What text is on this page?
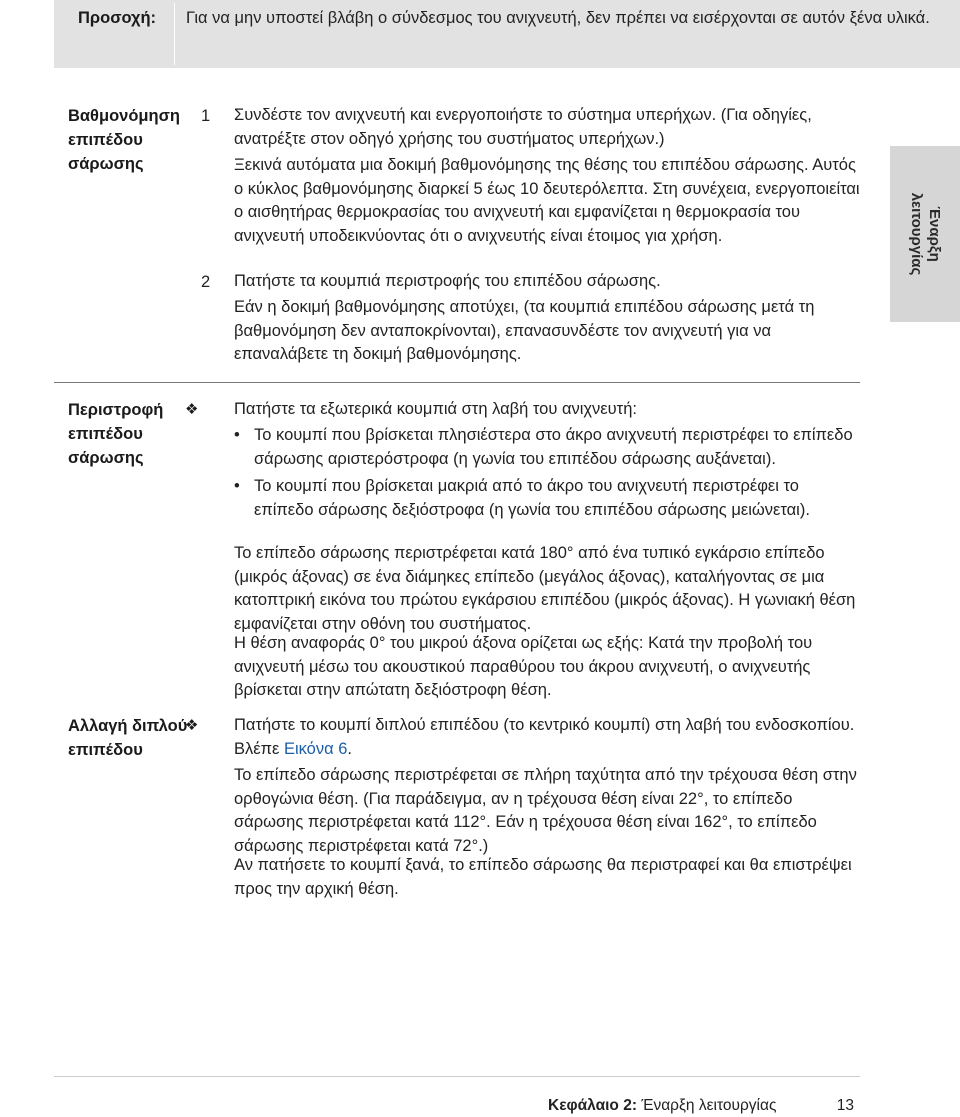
Προσοχή: Για να μην υποστεί βλάβη ο σύνδεσμος του ανιχνευτή, δεν πρέπει να εισέρχονται σε αυτόν ξένα υλικά.
Έναρξη
λειτουργίας
Βαθμονόμηση
επιπέδου
σάρωσης
1 Συνδέστε τον ανιχνευτή και ενεργοποιήστε το σύστημα υπερήχων. (Για οδηγίες, ανατρέξτε στον οδηγό χρήσης του συστήματος υπερήχων.)
Ξεκινά αυτόματα μια δοκιμή βαθμονόμησης της θέσης του επιπέδου σάρωσης. Αυτός ο κύκλος βαθμονόμησης διαρκεί 5 έως 10 δευτερόλεπτα. Στη συνέχεια, ενεργοποιείται ο αισθητήρας θερμοκρασίας του ανιχνευτή και εμφανίζεται η θερμοκρασία του ανιχνευτή υποδεικνύοντας ότι ο ανιχνευτής είναι έτοιμος για χρήση.
2 Πατήστε τα κουμπιά περιστροφής του επιπέδου σάρωσης.
Εάν η δοκιμή βαθμονόμησης αποτύχει, (τα κουμπιά επιπέδου σάρωσης μετά τη βαθμονόμηση δεν ανταποκρίνονται), επανασυνδέστε τον ανιχνευτή για να επαναλάβετε τη δοκιμή βαθμονόμησης.
Περιστροφή
επιπέδου
σάρωσης
❖ Πατήστε τα εξωτερικά κουμπιά στη λαβή του ανιχνευτή:
• Το κουμπί που βρίσκεται πλησιέστερα στο άκρο ανιχνευτή περιστρέφει το επίπεδο σάρωσης αριστερόστροφα (η γωνία του επιπέδου σάρωσης αυξάνεται).
• Το κουμπί που βρίσκεται μακριά από το άκρο του ανιχνευτή περιστρέφει το επίπεδο σάρωσης δεξιόστροφα (η γωνία του επιπέδου σάρωσης μειώνεται).
Το επίπεδο σάρωσης περιστρέφεται κατά 180° από ένα τυπικό εγκάρσιο επίπεδο (μικρός άξονας) σε ένα διάμηκες επίπεδο (μεγάλος άξονας), καταλήγοντας σε μια κατοπτρική εικόνα του πρώτου εγκάρσιου επιπέδου (μικρός άξονας). Η γωνιακή θέση εμφανίζεται στην οθόνη του συστήματος.
Η θέση αναφοράς 0° του μικρού άξονα ορίζεται ως εξής: Κατά την προβολή του ανιχνευτή μέσω του ακουστικού παραθύρου του άκρου ανιχνευτή, ο ανιχνευτής βρίσκεται στην απώτατη δεξιόστροφη θέση.
Αλλαγή διπλού
επιπέδου
❖ Πατήστε το κουμπί διπλού επιπέδου (το κεντρικό κουμπί) στη λαβή του ενδοσκοπίου. Βλέπε Εικόνα 6.
Το επίπεδο σάρωσης περιστρέφεται σε πλήρη ταχύτητα από την τρέχουσα θέση στην ορθογώνια θέση. (Για παράδειγμα, αν η τρέχουσα θέση είναι 22°, το επίπεδο σάρωσης περιστρέφεται κατά 112°. Εάν η τρέχουσα θέση είναι 162°, το επίπεδο σάρωσης περιστρέφεται κατά 72°.)
Αν πατήσετε το κουμπί ξανά, το επίπεδο σάρωσης θα περιστραφεί και θα επιστρέψει προς την αρχική θέση.
Κεφάλαιο 2: Έναρξη λειτουργίας	13
